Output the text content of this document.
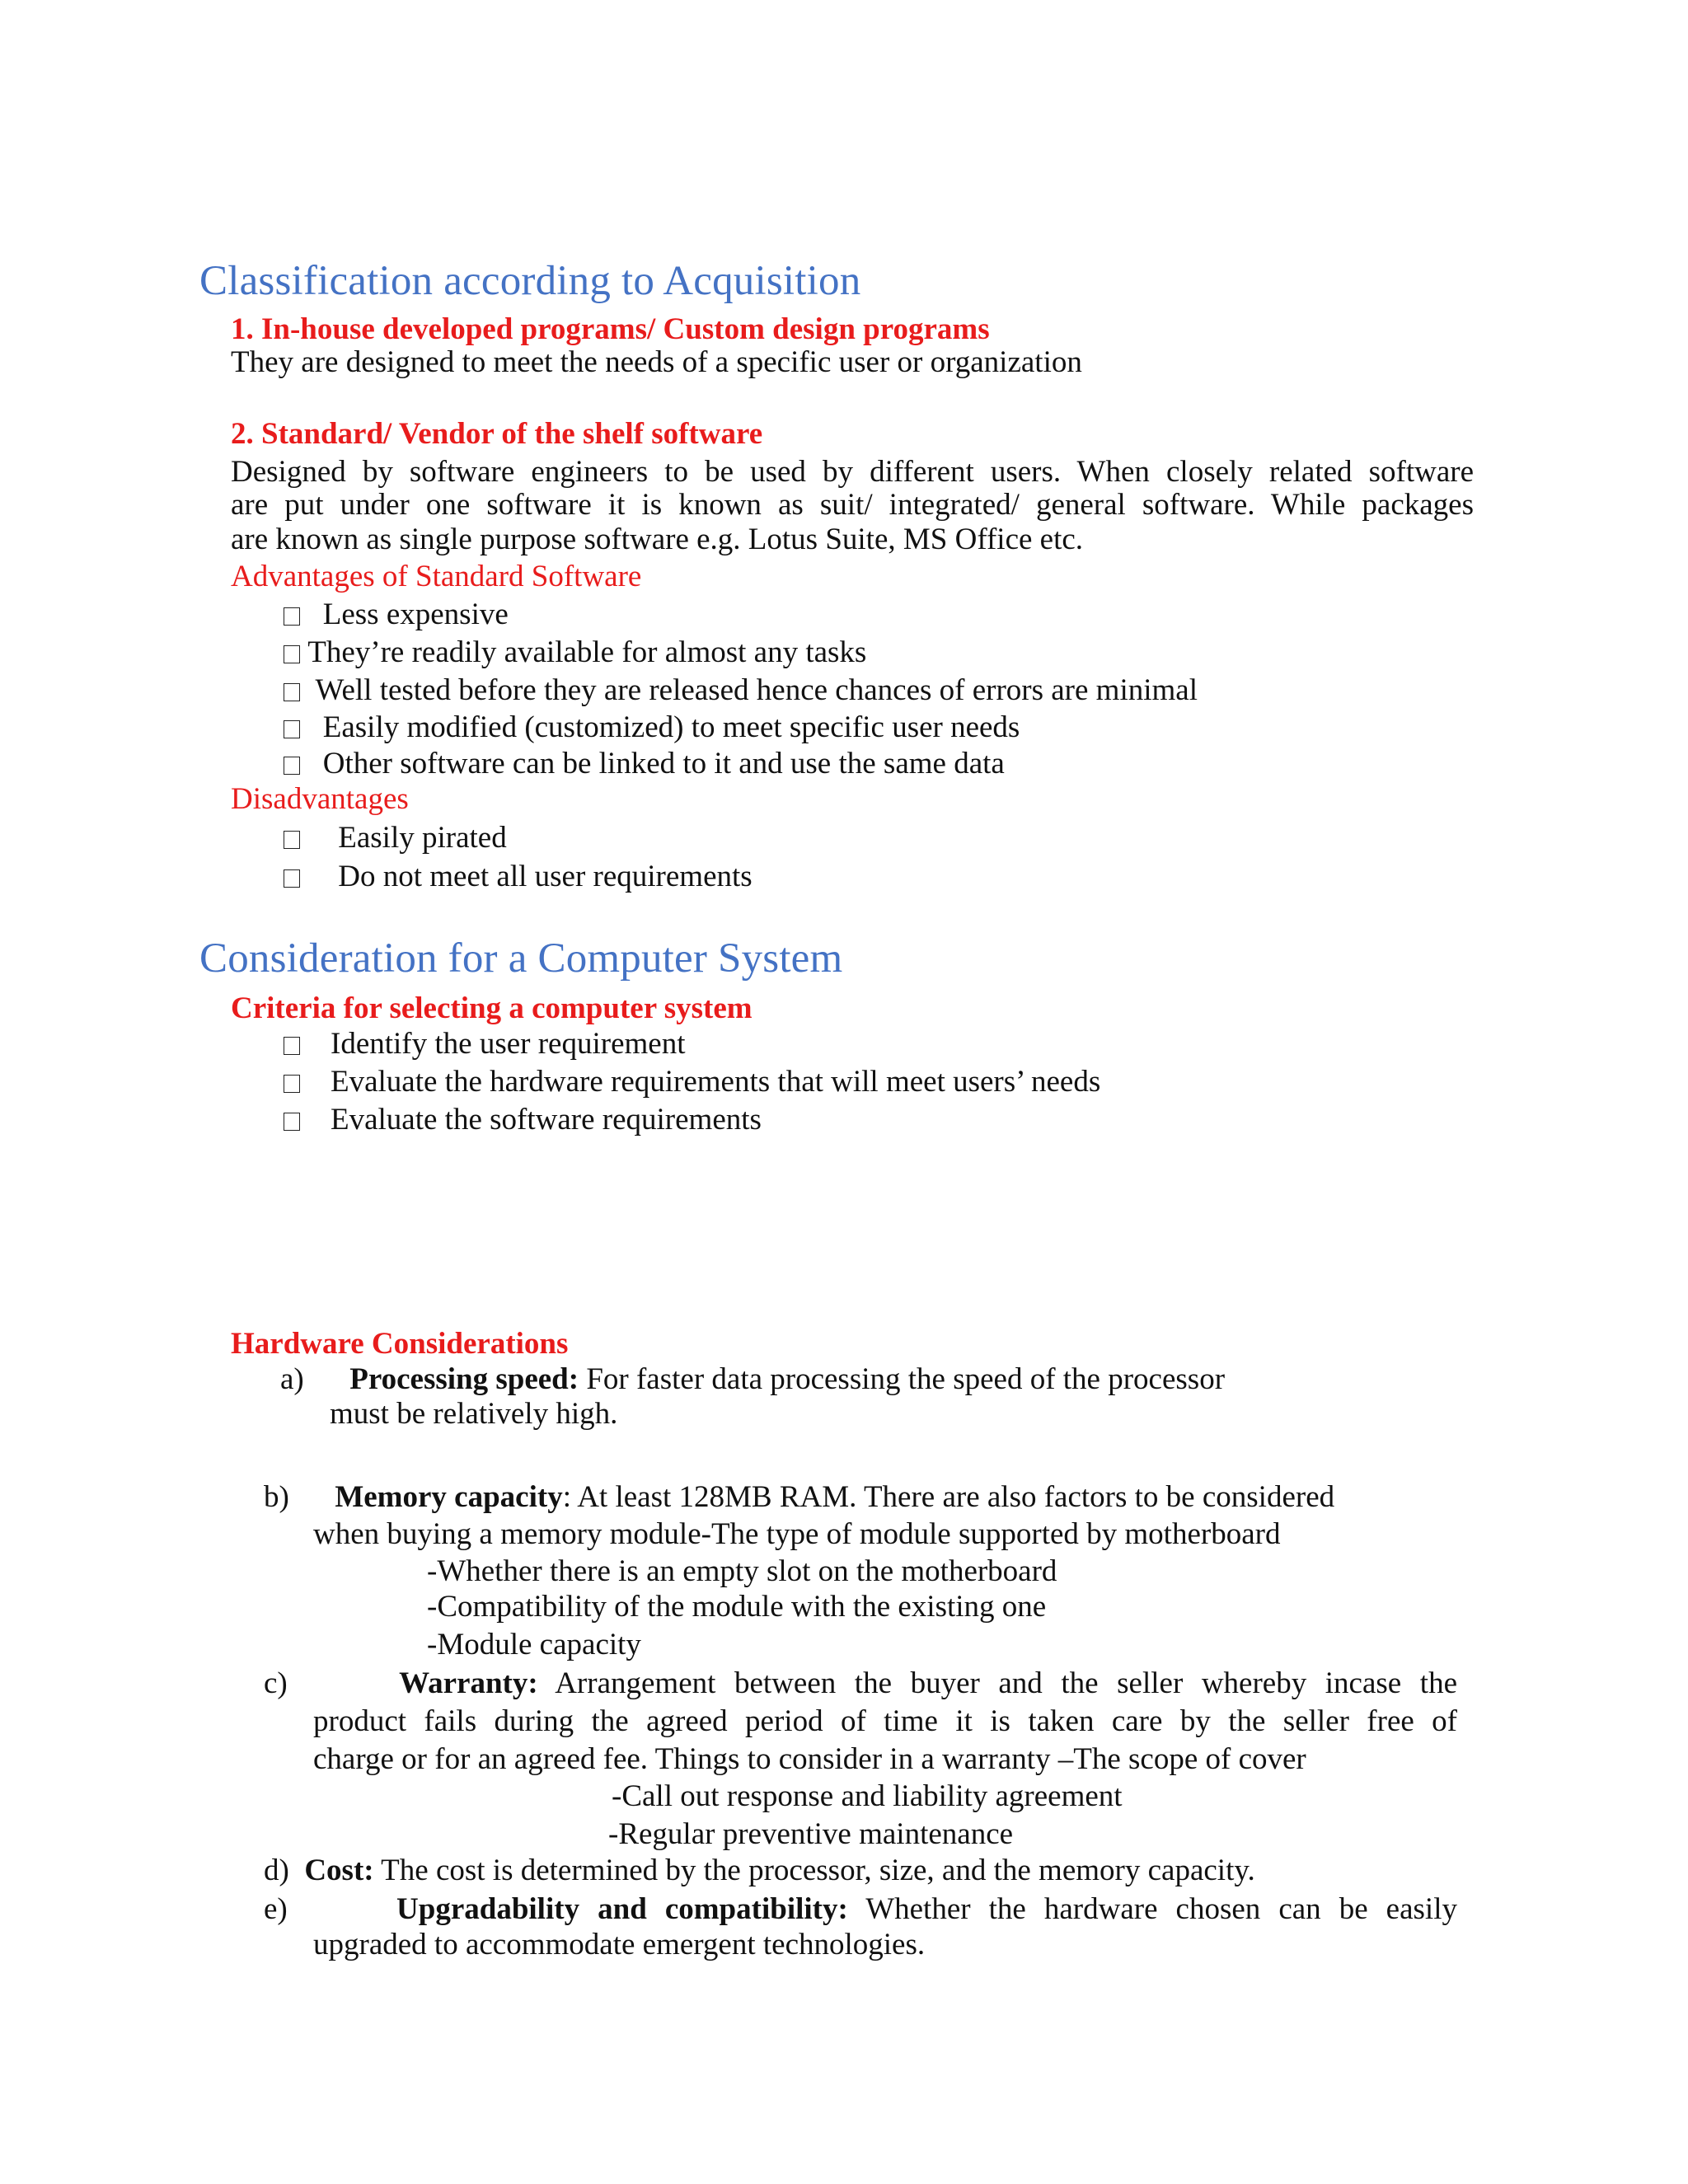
Classification according to Acquisition
1. In-house developed programs/ Custom design programs
They are designed to meet the needs of a specific user or organization
2. Standard/ Vendor of the shelf software
Designed by software engineers to be used by different users. When closely related software
are put under one software it is known as suit/ integrated/ general software. While packages
are known as single purpose software e.g. Lotus Suite, MS Office etc.
Advantages of Standard Software
Less expensive
They’re readily available for almost any tasks
Well tested before they are released hence chances of errors are minimal
Easily modified (customized) to meet specific user needs
Other software can be linked to it and use the same data
Disadvantages
Easily pirated
Do not meet all user requirements
Consideration for a Computer System
Criteria for selecting a computer system
Identify the user requirement
Evaluate the hardware requirements that will meet users’ needs
Evaluate the software requirements
Hardware Considerations
a) Processing speed: For faster data processing the speed of the processor
must be relatively high.
b) Memory capacity: At least 128MB RAM. There are also factors to be considered
when buying a memory module-The type of module supported by motherboard
-Whether there is an empty slot on the motherboard
-Compatibility of the module with the existing one
-Module capacity
c)	Warranty: Arrangement between the buyer and the seller whereby incase the
product fails during the agreed period of time it is taken care by the seller free of
charge or for an agreed fee. Things to consider in a warranty –The scope of cover
-Call out response and liability agreement
-Regular preventive maintenance
d) Cost: The cost is determined by the processor, size, and the memory capacity.
e)	Upgradability and compatibility: Whether the hardware chosen can be easily
upgraded to accommodate emergent technologies.
